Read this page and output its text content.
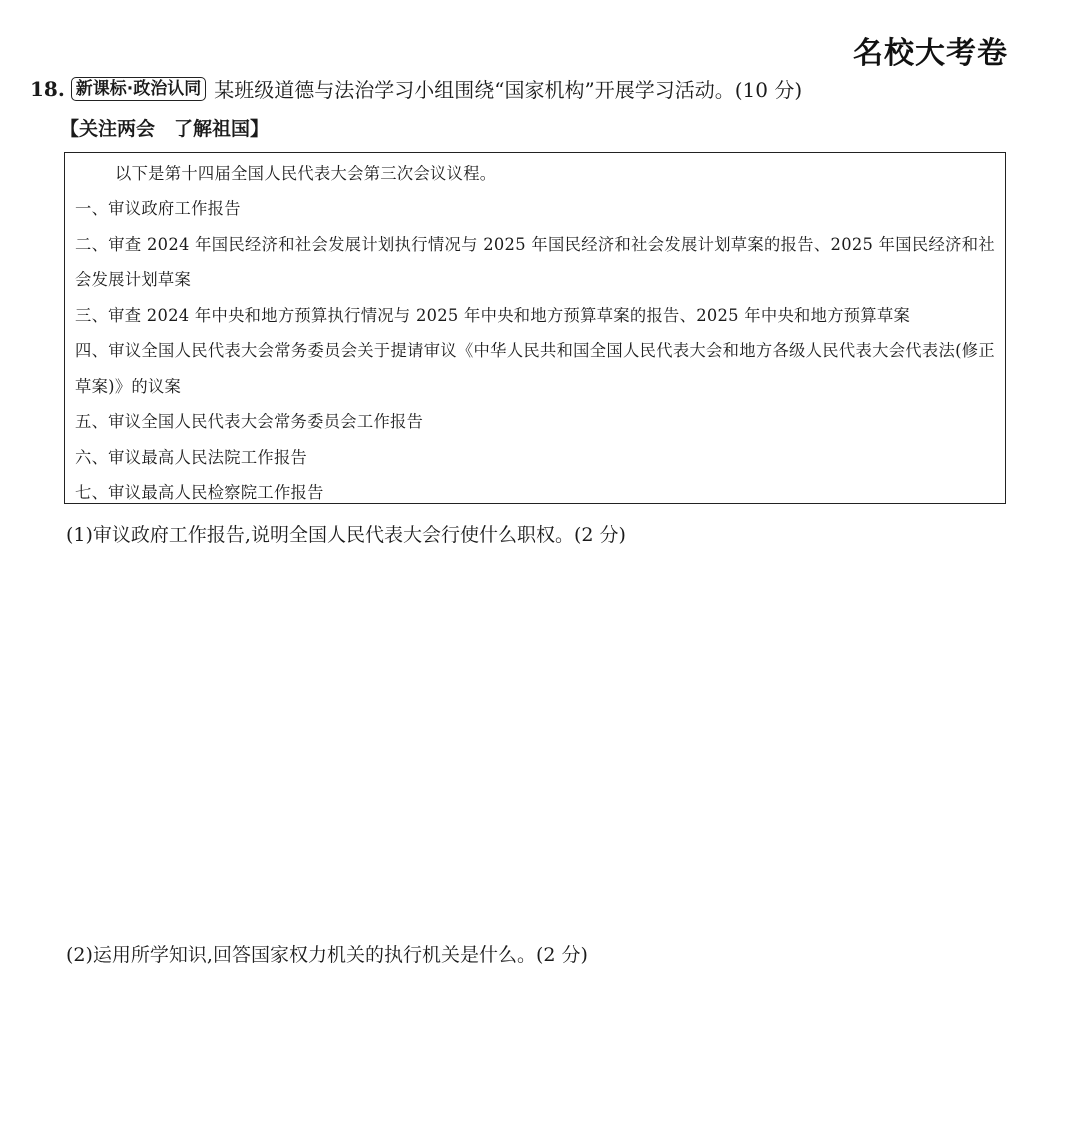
名校大考卷
18. 新课标·政治认同 某班级道德与法治学习小组围绕“国家机构”开展学习活动。(10 分)
【关注两会　了解祖国】

以下是第十四届全国人民代表大会第三次会议议程。

一、审议政府工作报告

二、审查 2024 年国民经济和社会发展计划执行情况与 2025 年国民经济和社会发展计划草案的报告、2025 年国民经济和社会发展计划草案

三、审查 2024 年中央和地方预算执行情况与 2025 年中央和地方预算草案的报告、2025 年中央和地方预算草案

四、审议全国人民代表大会常务委员会关于提请审议《中华人民共和国全国人民代表大会和地方各级人民代表大会代表法(修正草案)》的议案

五、审议全国人民代表大会常务委员会工作报告

六、审议最高人民法院工作报告

七、审议最高人民检察院工作报告

(1)审议政府工作报告,说明全国人民代表大会行使什么职权。(2 分)
(2)运用所学知识,回答国家权力机关的执行机关是什么。(2 分)
